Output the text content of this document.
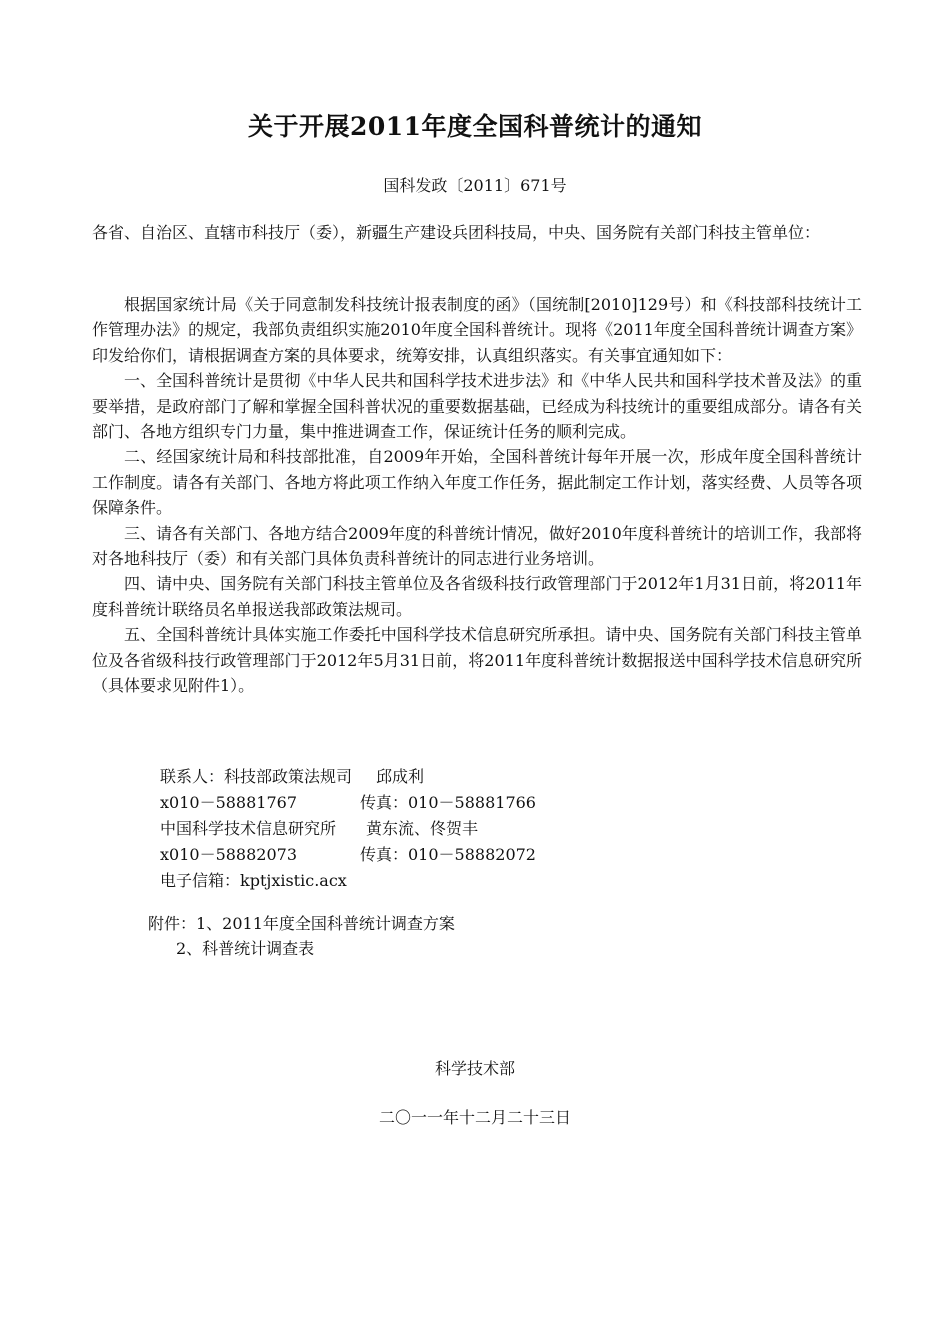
关于开展2011年度全国科普统计的通知
国科发政〔2011〕671号
各省、自治区、直辖市科技厅（委），新疆生产建设兵团科技局，中央、国务院有关部门科技主管单位：

根据国家统计局《关于同意制发科技统计报表制度的函》（国统制[2010]129号）和《科技部科技统计工作管理办法》的规定，我部负责组织实施2010年度全国科普统计。现将《2011年度全国科普统计调查方案》印发给你们，请根据调查方案的具体要求，统筹安排，认真组织落实。有关事宜通知如下：

一、全国科普统计是贯彻《中华人民共和国科学技术进步法》和《中华人民共和国科学技术普及法》的重要举措，是政府部门了解和掌握全国科普状况的重要数据基础，已经成为科技统计的重要组成部分。请各有关部门、各地方组织专门力量，集中推进调查工作，保证统计任务的顺利完成。

二、经国家统计局和科技部批准，自2009年开始，全国科普统计每年开展一次，形成年度全国科普统计工作制度。请各有关部门、各地方将此项工作纳入年度工作任务，据此制定工作计划，落实经费、人员等各项保障条件。

三、请各有关部门、各地方结合2009年度的科普统计情况，做好2010年度科普统计的培训工作，我部将对各地科技厅（委）和有关部门具体负责科普统计的同志进行业务培训。

四、请中央、国务院有关部门科技主管单位及各省级科技行政管理部门于2012年1月31日前，将2011年度科普统计联络员名单报送我部政策法规司。

五、全国科普统计具体实施工作委托中国科学技术信息研究所承担。请中央、国务院有关部门科技主管单位及各省级科技行政管理部门于2012年5月31日前，将2011年度科普统计数据报送中国科学技术信息研究所（具体要求见附件1）。

联系人：科技部政策法规司 邱成利
x010－58881767	传真：010－58881766
中国科学技术信息研究所 黄东流、佟贺丰
x010－58882073	传真：010－58882072
电子信箱：kptjxistic.acx
附件：1、2011年度全国科普统计调查方案
2、科普统计调查表
科学技术部
二〇一一年十二月二十三日
